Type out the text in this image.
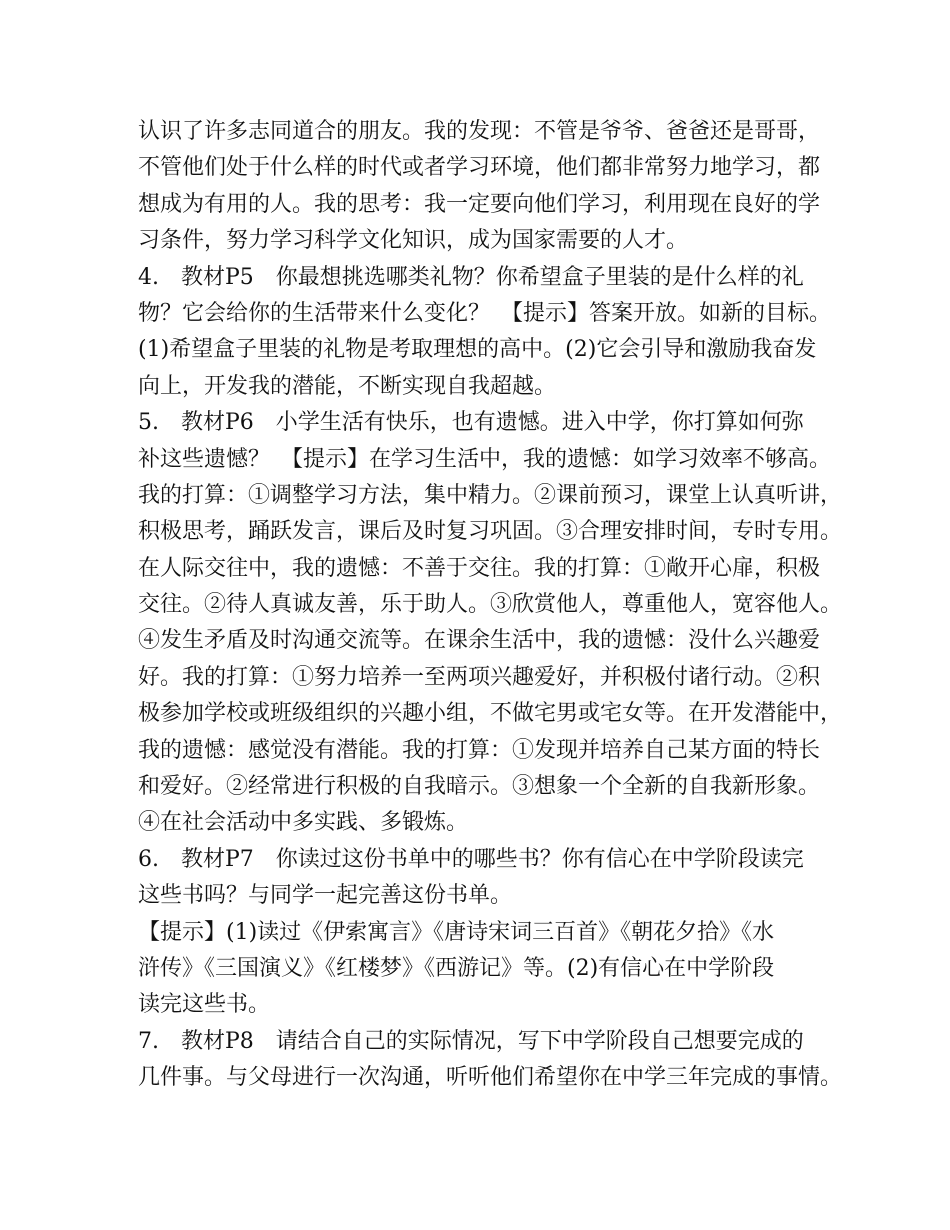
认识了许多志同道合的朋友。我的发现：不管是爷爷、爸爸还是哥哥，
不管他们处于什么样的时代或者学习环境，他们都非常努力地学习，都
想成为有用的人。我的思考：我一定要向他们学习，利用现在良好的学
习条件，努力学习科学文化知识，成为国家需要的人才。
4.　教材P5　你最想挑选哪类礼物？你希望盒子里装的是什么样的礼
物？它会给你的生活带来什么变化？　【提示】答案开放。如新的目标。
(1)希望盒子里装的礼物是考取理想的高中。(2)它会引导和激励我奋发
向上，开发我的潜能，不断实现自我超越。
5.　教材P6　小学生活有快乐，也有遗憾。进入中学，你打算如何弥
补这些遗憾？　【提示】在学习生活中，我的遗憾：如学习效率不够高。
我的打算：①调整学习方法，集中精力。②课前预习，课堂上认真听讲，
积极思考，踊跃发言，课后及时复习巩固。③合理安排时间，专时专用。
在人际交往中，我的遗憾：不善于交往。我的打算：①敞开心扉，积极
交往。②待人真诚友善，乐于助人。③欣赏他人，尊重他人，宽容他人。
④发生矛盾及时沟通交流等。在课余生活中，我的遗憾：没什么兴趣爱
好。我的打算：①努力培养一至两项兴趣爱好，并积极付诸行动。②积
极参加学校或班级组织的兴趣小组，不做宅男或宅女等。在开发潜能中，
我的遗憾：感觉没有潜能。我的打算：①发现并培养自己某方面的特长
和爱好。②经常进行积极的自我暗示。③想象一个全新的自我新形象。
④在社会活动中多实践、多锻炼。
6.　教材P7　你读过这份书单中的哪些书？你有信心在中学阶段读完
这些书吗？与同学一起完善这份书单。
【提示】(1)读过《伊索寓言》《唐诗宋词三百首》《朝花夕拾》《水
浒传》《三国演义》《红楼梦》《西游记》等。(2)有信心在中学阶段
读完这些书。
7.　教材P8　请结合自己的实际情况，写下中学阶段自己想要完成的
几件事。与父母进行一次沟通，听听他们希望你在中学三年完成的事情。
